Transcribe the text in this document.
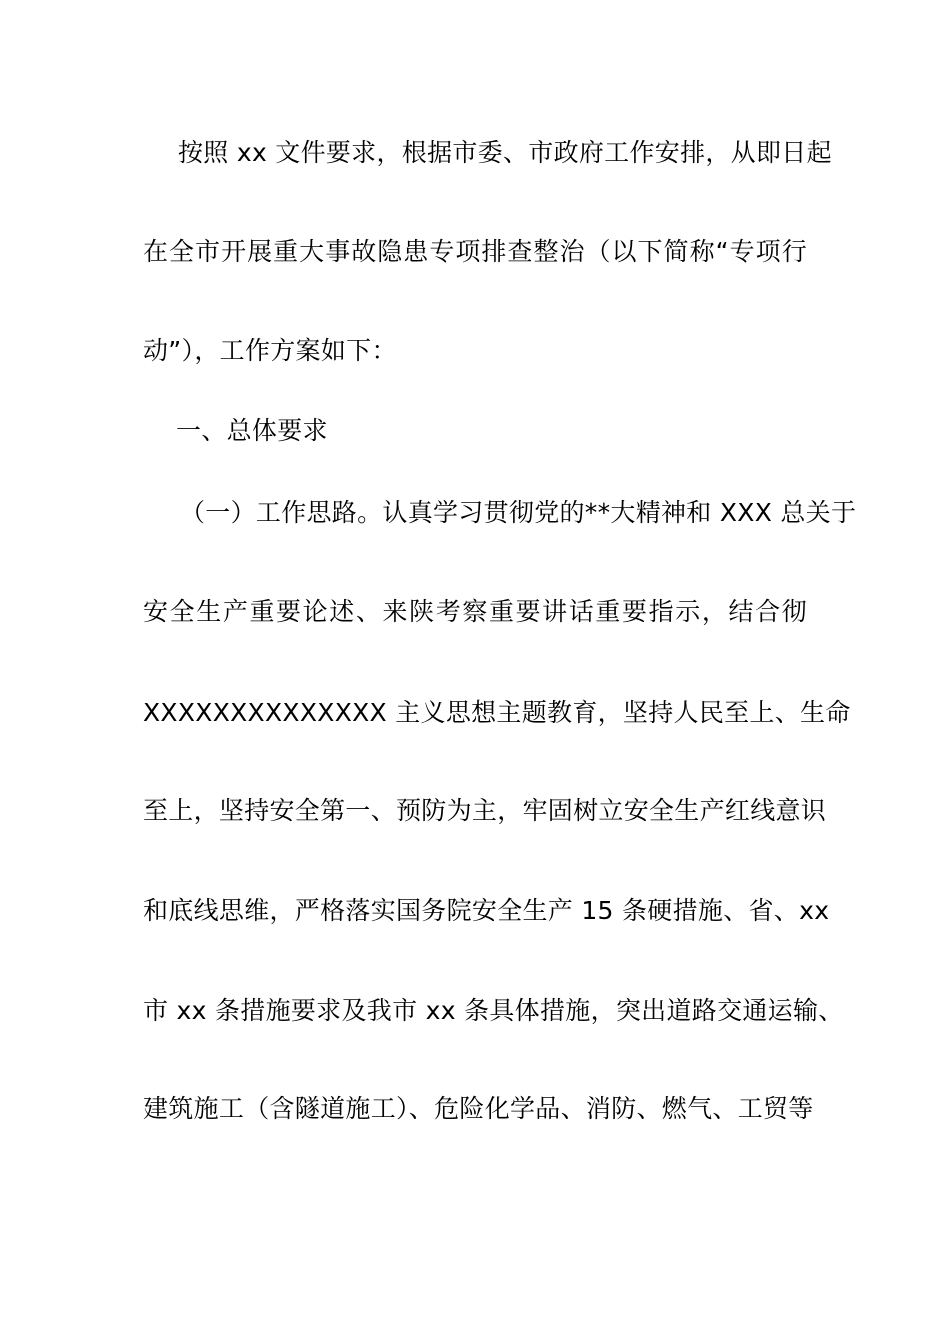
按照 xx 文件要求，根据市委、市政府工作安排，从即日起
在全市开展重大事故隐患专项排查整治（以下简称“专项行
动”），工作方案如下：
一、总体要求
（一）工作思路。认真学习贯彻党的**大精神和 XXX 总关于
安全生产重要论述、来陕考察重要讲话重要指示，结合彻
XXXXXXXXXXXXXX 主义思想主题教育，坚持人民至上、生命
至上，坚持安全第一、预防为主，牢固树立安全生产红线意识
和底线思维，严格落实国务院安全生产 15 条硬措施、省、xx
市 xx 条措施要求及我市 xx 条具体措施，突出道路交通运输、
建筑施工（含隧道施工）、危险化学品、消防、燃气、工贸等
